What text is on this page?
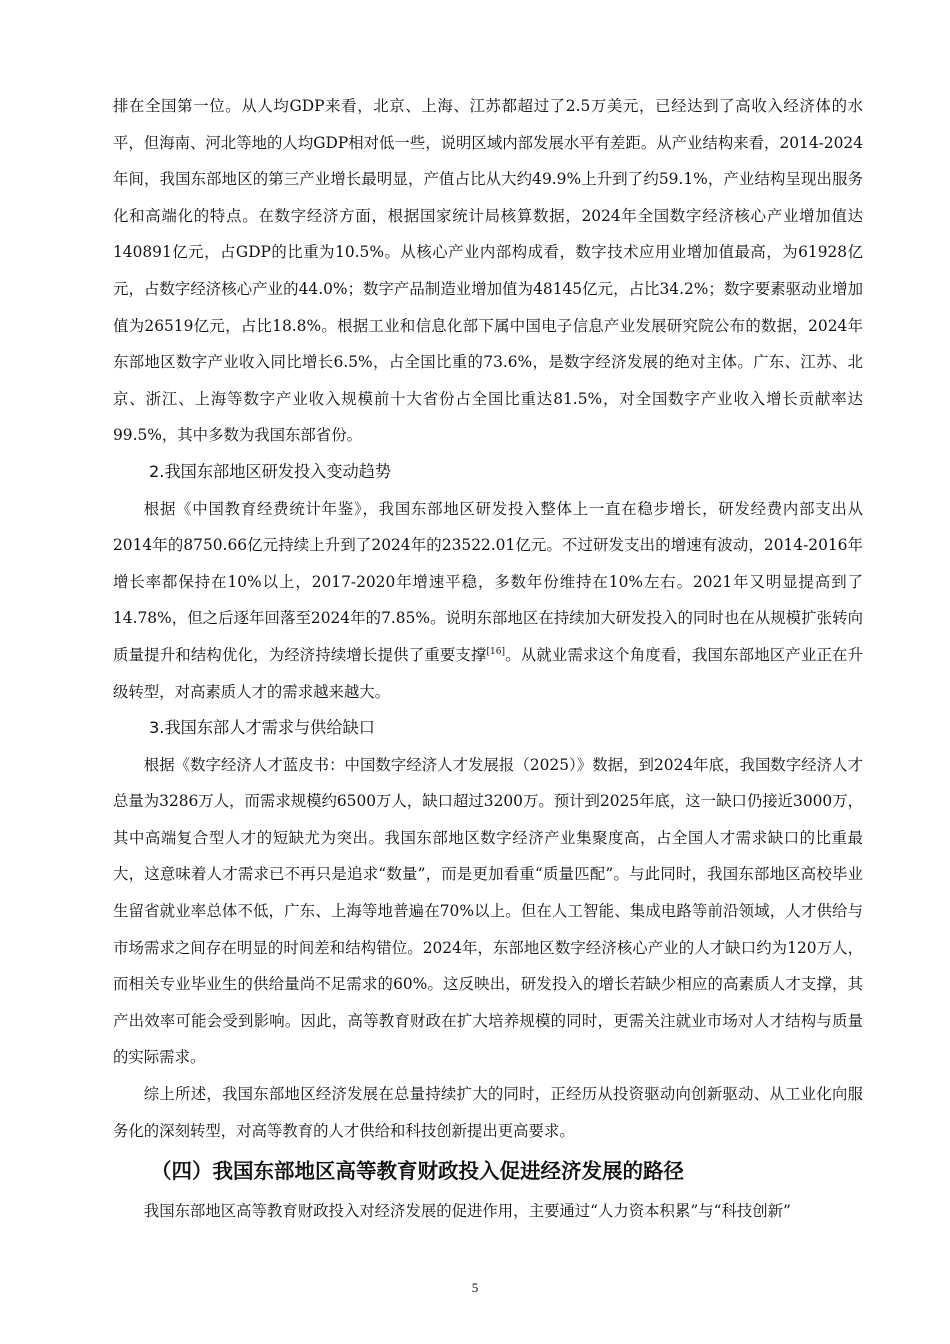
排在全国第一位。从人均GDP来看，北京、上海、江苏都超过了2.5万美元，已经达到了高收入经济体的水平，但海南、河北等地的人均GDP相对低一些，说明区域内部发展水平有差距。从产业结构来看，2014-2024年间，我国东部地区的第三产业增长最明显，产值占比从大约49.9%上升到了约59.1%，产业结构呈现出服务化和高端化的特点。在数字经济方面，根据国家统计局核算数据，2024年全国数字经济核心产业增加值达140891亿元，占GDP的比重为10.5%。从核心产业内部构成看，数字技术应用业增加值最高，为61928亿元，占数字经济核心产业的44.0%；数字产品制造业增加值为48145亿元，占比34.2%；数字要素驱动业增加值为26519亿元，占比18.8%。根据工业和信息化部下属中国电子信息产业发展研究院公布的数据，2024年东部地区数字产业收入同比增长6.5%，占全国比重的73.6%，是数字经济发展的绝对主体。广东、江苏、北京、浙江、上海等数字产业收入规模前十大省份占全国比重达81.5%，对全国数字产业收入增长贡献率达99.5%，其中多数为我国东部省份。

2.我国东部地区研发投入变动趋势

根据《中国教育经费统计年鉴》，我国东部地区研发投入整体上一直在稳步增长，研发经费内部支出从2014年的8750.66亿元持续上升到了2024年的23522.01亿元。不过研发支出的增速有波动，2014-2016年增长率都保持在10%以上，2017-2020年增速平稳，多数年份维持在10%左右。2021年又明显提高到了14.78%，但之后逐年回落至2024年的7.85%。说明东部地区在持续加大研发投入的同时也在从规模扩张转向质量提升和结构优化，为经济持续增长提供了重要支撑[16]。从就业需求这个角度看，我国东部地区产业正在升级转型，对高素质人才的需求越来越大。

3.我国东部人才需求与供给缺口

根据《数字经济人才蓝皮书：中国数字经济人才发展报（2025）》数据，到2024年底，我国数字经济人才总量为3286万人，而需求规模约6500万人，缺口超过3200万。预计到2025年底，这一缺口仍接近3000万，其中高端复合型人才的短缺尤为突出。我国东部地区数字经济产业集聚度高，占全国人才需求缺口的比重最大，这意味着人才需求已不再只是追求“数量”，而是更加看重“质量匹配”。与此同时，我国东部地区高校毕业生留省就业率总体不低，广东、上海等地普遍在70%以上。但在人工智能、集成电路等前沿领域，人才供给与市场需求之间存在明显的时间差和结构错位。2024年，东部地区数字经济核心产业的人才缺口约为120万人，而相关专业毕业生的供给量尚不足需求的60%。这反映出，研发投入的增长若缺少相应的高素质人才支撑，其产出效率可能会受到影响。因此，高等教育财政在扩大培养规模的同时，更需关注就业市场对人才结构与质量的实际需求。

综上所述，我国东部地区经济发展在总量持续扩大的同时，正经历从投资驱动向创新驱动、从工业化向服务化的深刻转型，对高等教育的人才供给和科技创新提出更高要求。

（四）我国东部地区高等教育财政投入促进经济发展的路径

我国东部地区高等教育财政投入对经济发展的促进作用，主要通过“人力资本积累”与“科技创新”

5
